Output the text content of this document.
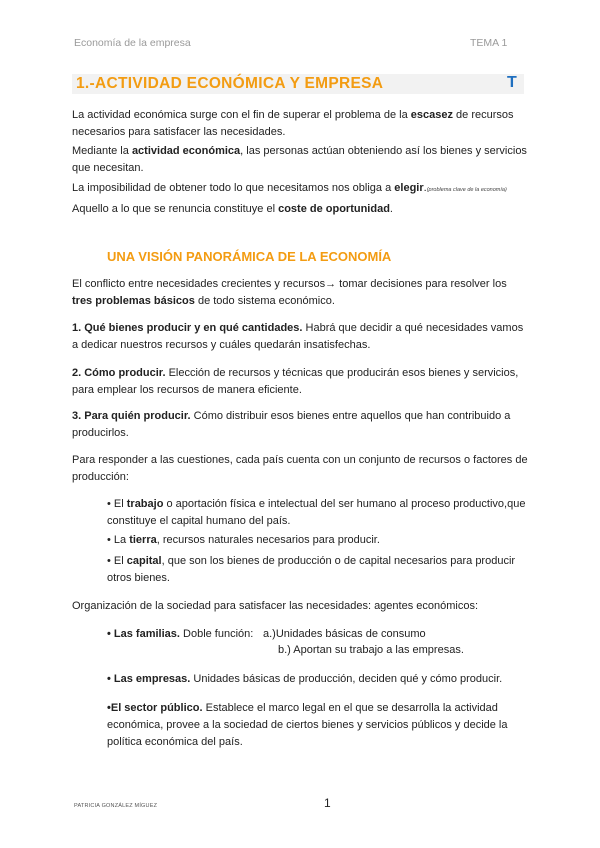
Economía de la empresa	TEMA 1
1.-ACTIVIDAD ECONÓMICA Y EMPRESA	T

La actividad económica surge con el fin de superar el problema de la escasez de recursos necesarios para satisfacer las necesidades.

Mediante la actividad económica, las personas actúan obteniendo así los bienes y servicios que necesitan.

La imposibilidad de obtener todo lo que necesitamos nos obliga a elegir.(problema clave de la economía)

Aquello a lo que se renuncia constituye el coste de oportunidad.

UNA VISIÓN PANORÁMICA DE LA ECONOMÍA

El conflicto entre necesidades crecientes y recursos→ tomar decisiones para resolver los tres problemas básicos de todo sistema económico.

1. Qué bienes producir y en qué cantidades. Habrá que decidir a qué necesidades vamos a dedicar nuestros recursos y cuáles quedarán insatisfechas.

2. Cómo producir. Elección de recursos y técnicas que producirán esos bienes y servicios, para emplear los recursos de manera eficiente.

3. Para quién producir. Cómo distribuir esos bienes entre aquellos que han contribuido a producirlos.

Para responder a las cuestiones, cada país cuenta con un conjunto de recursos o factores de producción:

• El trabajo o aportación física e intelectual del ser humano al proceso productivo,que constituye el capital humano del país.

• La tierra, recursos naturales necesarios para producir.

• El capital, que son los bienes de producción o de capital necesarios para producir otros bienes.

Organización de la sociedad para satisfacer las necesidades: agentes económicos:

• Las familias. Doble función: a.)Unidades básicas de consumo
b.) Aportan su trabajo a las empresas.

• Las empresas. Unidades básicas de producción, deciden qué y cómo producir.

•El sector público. Establece el marco legal en el que se desarrolla la actividad económica, provee a la sociedad de ciertos bienes y servicios públicos y decide la política económica del país.

PATRICIA GONZÁLEZ MÍGUEZ	1
